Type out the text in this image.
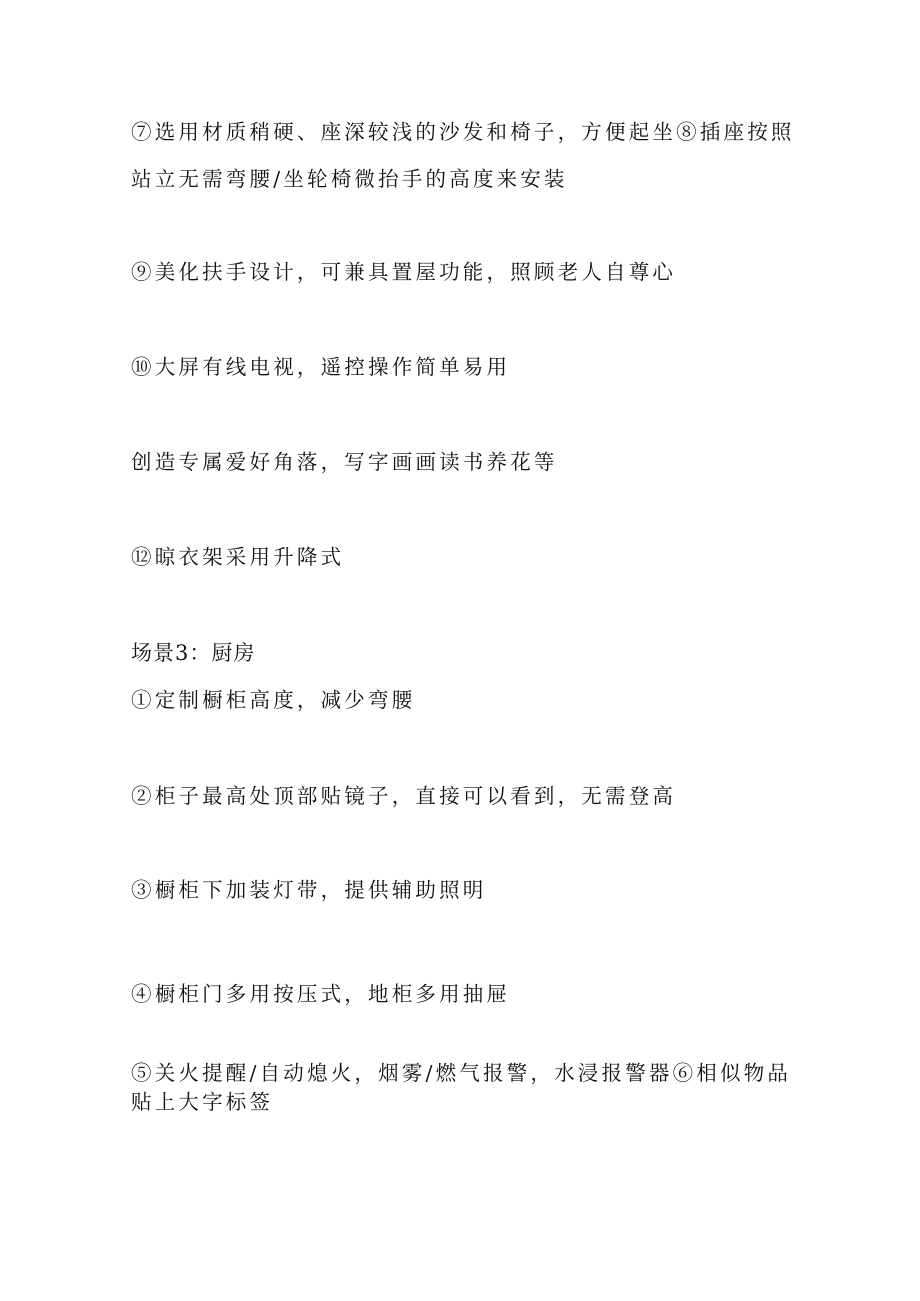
⑦选用材质稍硬、座深较浅的沙发和椅子，方便起坐⑧插座按照

站立无需弯腰/坐轮椅微抬手的高度来安装

⑨美化扶手设计，可兼具置屋功能，照顾老人自尊心

⑩大屏有线电视，遥控操作简单易用

创造专属爱好角落，写字画画读书养花等

⑫晾衣架采用升降式

场景3：厨房

①定制橱柜高度，减少弯腰

②柜子最高处顶部贴镜子，直接可以看到，无需登高

③橱柜下加装灯带，提供辅助照明

④橱柜门多用按压式，地柜多用抽屉

⑤关火提醒/自动熄火，烟雾/燃气报警，水浸报警器⑥相似物品

贴上大字标签
